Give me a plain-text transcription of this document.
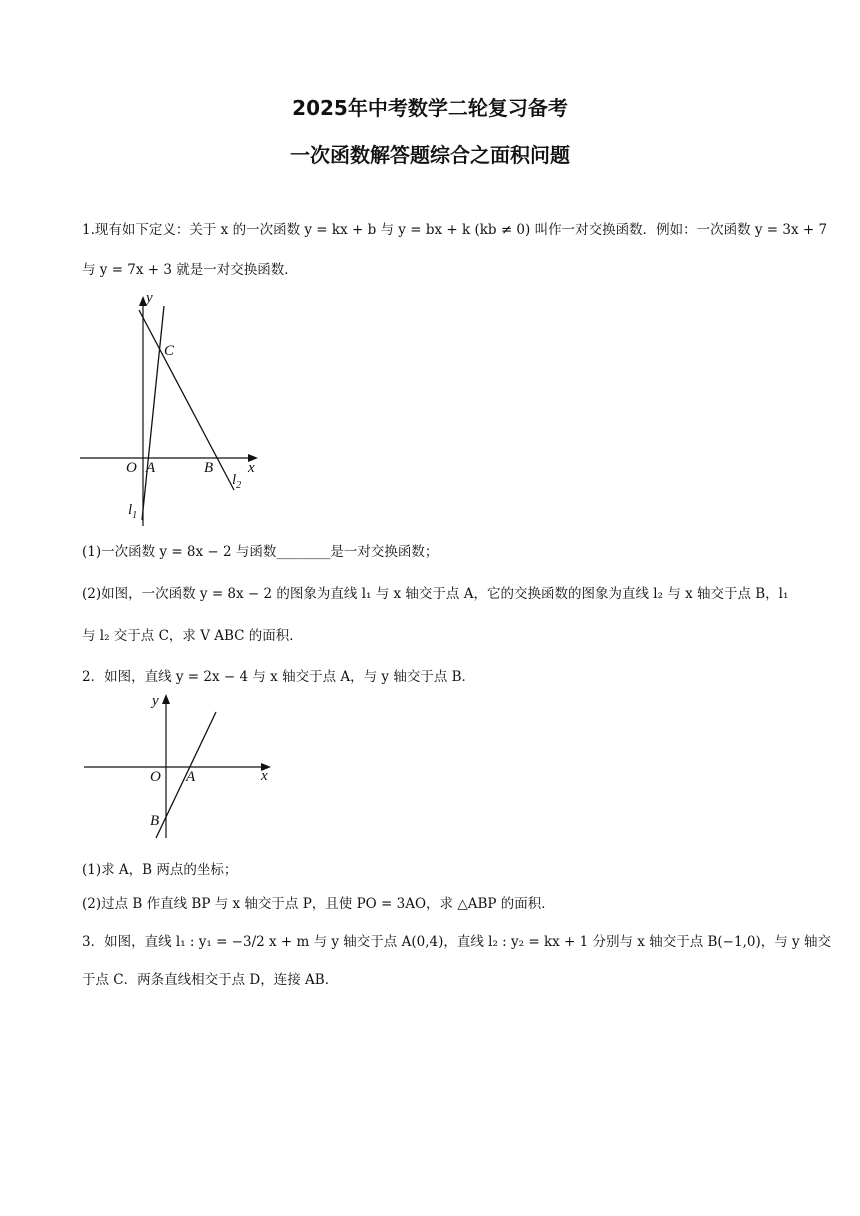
2025年中考数学二轮复习备考
一次函数解答题综合之面积问题
1.现有如下定义：关于 x 的一次函数 y = kx + b 与 y = bx + k (kb ≠ 0) 叫作一对交换函数．例如：一次函数 y = 3x + 7
与 y = 7x + 3 就是一对交换函数．
y
x
O A	B
C
$l_2$
$l_1$
(1)一次函数 y = 8x − 2 与函数________是一对交换函数；
(2)如图，一次函数 y = 8x − 2 的图象为直线 l₁ 与 x 轴交于点 A，它的交换函数的图象为直线 l₂ 与 x 轴交于点 B，l₁
与 l₂ 交于点 C，求 V ABC 的面积．
2．如图，直线 y = 2x − 4 与 x 轴交于点 A，与 y 轴交于点 B．
y
x
O A
B
(1)求 A，B 两点的坐标；
(2)过点 B 作直线 BP 与 x 轴交于点 P，且使 PO = 3AO，求 △ABP 的面积．
3．如图，直线 l₁ : y₁ = −3/2 x + m 与 y 轴交于点 A(0,4)，直线 l₂ : y₂ = kx + 1 分别与 x 轴交于点 B(−1,0)，与 y 轴交
于点 C．两条直线相交于点 D，连接 AB．
